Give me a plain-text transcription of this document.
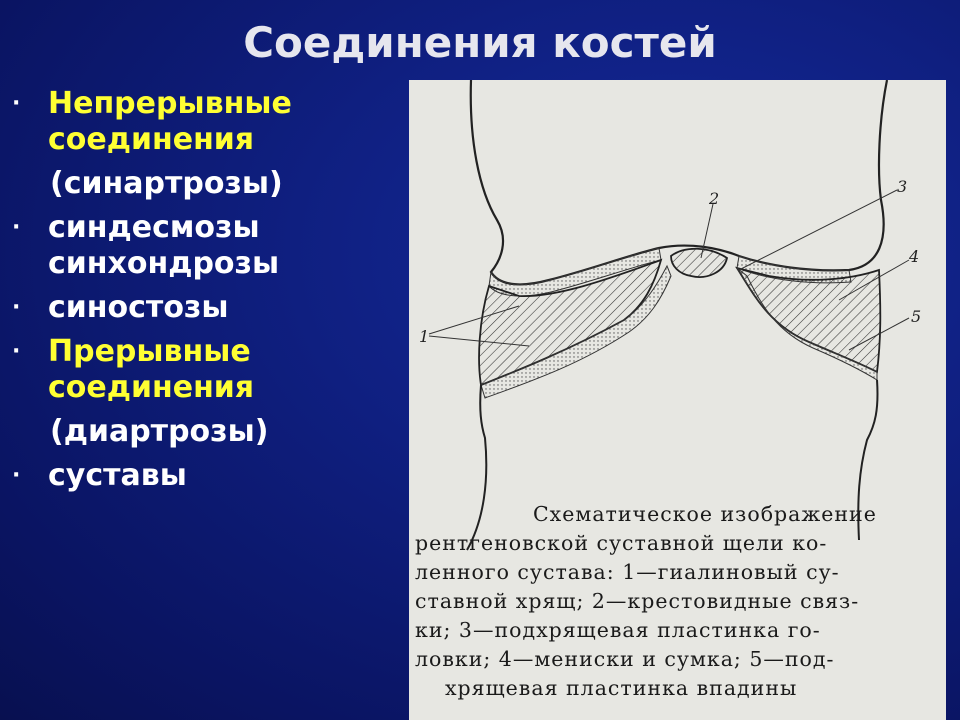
Соединения костей
· Непрерывные соединения
(синартрозы)
· синдесмозы синхондрозы
· синостозы
· Прерывные соединения
(диартрозы)
· суставы
1
2
3
4
5
Схематическое изображение
рентгеновской суставной щели ко-
ленного сустава: 1—гиалиновый су-
ставной хрящ; 2—крестовидные связ-
ки; 3—подхрящевая пластинка го-
ловки; 4—мениски и сумка; 5—под-
хрящевая пластинка впадины
